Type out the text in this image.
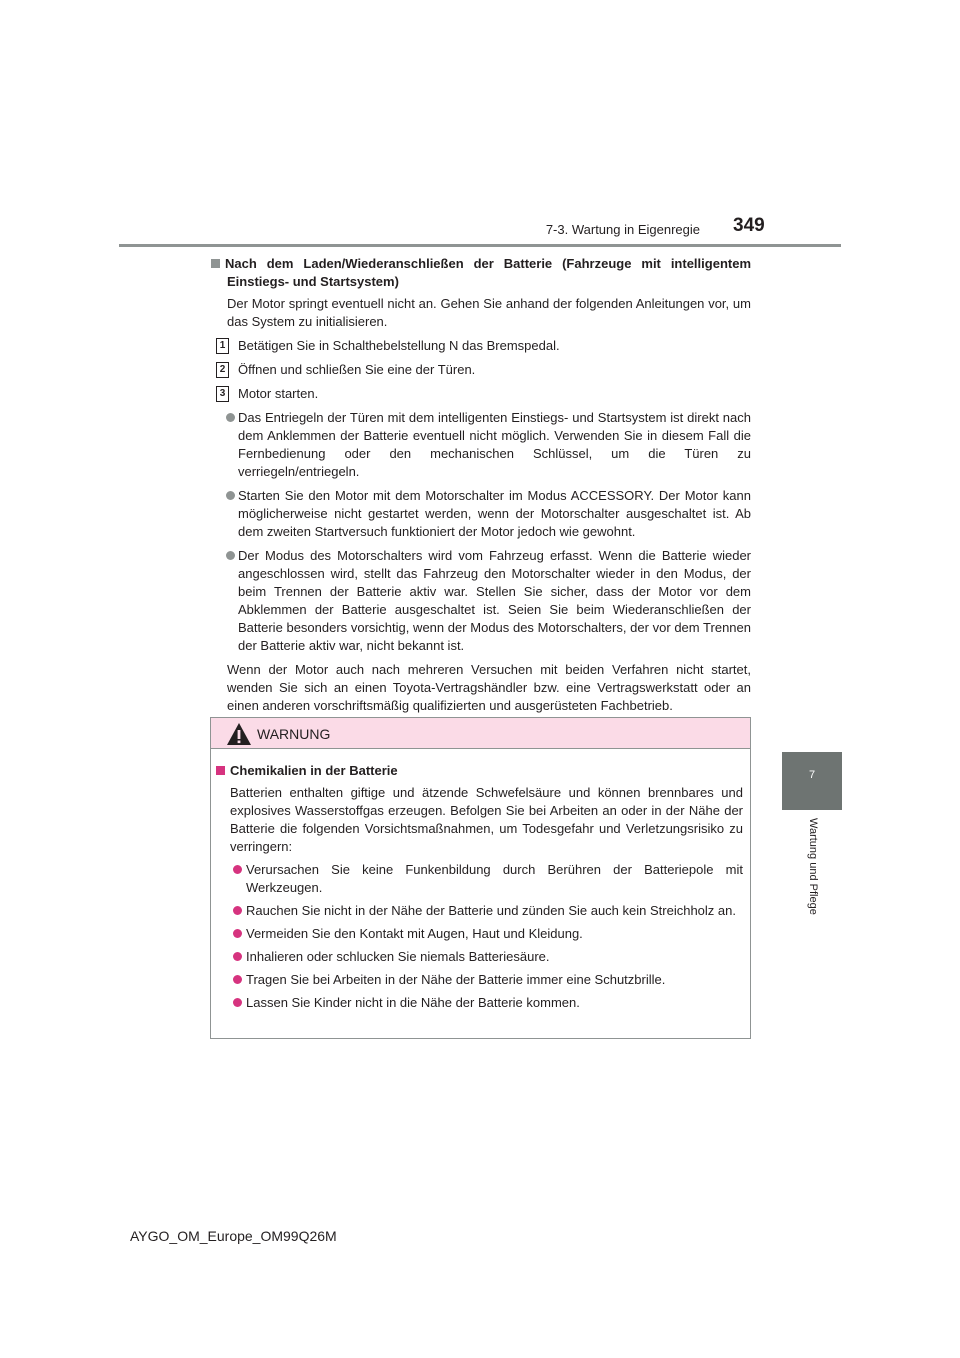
7-3. Wartung in Eigenregie 349
7
Wartung und Pflege
Nach dem Laden/Wiederanschließen der Batterie (Fahrzeuge mit intelligentem Einstiegs- und Startsystem)
Der Motor springt eventuell nicht an. Gehen Sie anhand der folgenden Anleitungen vor, um das System zu initialisieren.
1 Betätigen Sie in Schalthebelstellung N das Bremspedal.
2 Öffnen und schließen Sie eine der Türen.
3 Motor starten.
Das Entriegeln der Türen mit dem intelligenten Einstiegs- und Startsystem ist direkt nach dem Anklemmen der Batterie eventuell nicht möglich. Verwenden Sie in diesem Fall die Fernbedienung oder den mechanischen Schlüssel, um die Türen zu verriegeln/entriegeln.
Starten Sie den Motor mit dem Motorschalter im Modus ACCESSORY. Der Motor kann möglicherweise nicht gestartet werden, wenn der Motorschalter ausgeschaltet ist. Ab dem zweiten Startversuch funktioniert der Motor jedoch wie gewohnt.
Der Modus des Motorschalters wird vom Fahrzeug erfasst. Wenn die Batterie wieder angeschlossen wird, stellt das Fahrzeug den Motorschalter wieder in den Modus, der beim Trennen der Batterie aktiv war. Stellen Sie sicher, dass der Motor vor dem Abklemmen der Batterie ausgeschaltet ist. Seien Sie beim Wiederanschließen der Batterie besonders vorsichtig, wenn der Modus des Motorschalters, der vor dem Trennen der Batterie aktiv war, nicht bekannt ist.
Wenn der Motor auch nach mehreren Versuchen mit beiden Verfahren nicht startet, wenden Sie sich an einen Toyota-Vertragshändler bzw. eine Vertragswerkstatt oder an einen anderen vorschriftsmäßig qualifizierten und ausgerüsteten Fachbetrieb.
WARNUNG
Chemikalien in der Batterie
Batterien enthalten giftige und ätzende Schwefelsäure und können brennbares und explosives Wasserstoffgas erzeugen. Befolgen Sie bei Arbeiten an oder in der Nähe der Batterie die folgenden Vorsichtsmaßnahmen, um Todesgefahr und Verletzungsrisiko zu verringern:
Verursachen Sie keine Funkenbildung durch Berühren der Batteriepole mit Werkzeugen.
Rauchen Sie nicht in der Nähe der Batterie und zünden Sie auch kein Streichholz an.
Vermeiden Sie den Kontakt mit Augen, Haut und Kleidung.
Inhalieren oder schlucken Sie niemals Batteriesäure.
Tragen Sie bei Arbeiten in der Nähe der Batterie immer eine Schutzbrille.
Lassen Sie Kinder nicht in die Nähe der Batterie kommen.
AYGO_OM_Europe_OM99Q26M
